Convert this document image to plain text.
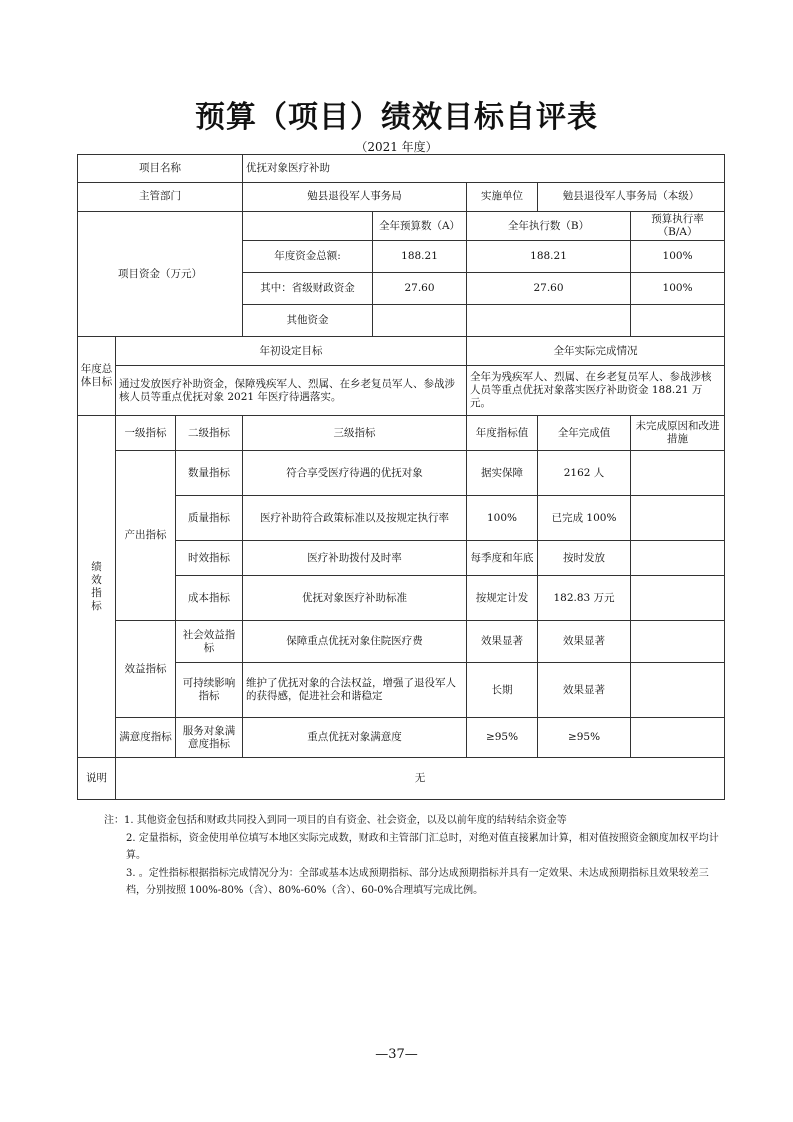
预算（项目）绩效目标自评表
（2021 年度）
项目名称			优抚对象医疗补助				
主管部门			勉县退役军人事务局		实施单位	勉县退役军人事务局（本级）	
项目资金（万元）				全年预算数（A）	全年执行数（B）		预算执行率（B/A）
			年度资金总额:	188.21	188.21		100%
			其中：省级财政资金	27.60	27.60		100%
			其他资金				
年度总体目标	年初设定目标				全年实际完成情况		
	通过发放医疗补助资金，保障残疾军人、烈属、在乡老复员军人、参战涉核人员等重点优抚对象 2021 年医疗待遇落实。				全年为残疾军人、烈属、在乡老复员军人、参战涉核人员等重点优抚对象落实医疗补助资金 188.21 万元。		
绩效指标	一级指标	二级指标	三级指标		年度指标值	全年完成值	未完成原因和改进措施
	产出指标	数量指标	符合享受医疗待遇的优抚对象		据实保障	2162 人	
		质量指标	医疗补助符合政策标准以及按规定执行率		100%	已完成 100%	
		时效指标	医疗补助拨付及时率		每季度和年底	按时发放	
		成本指标	优抚对象医疗补助标准		按规定计发	182.83 万元	
	效益指标	社会效益指标	保障重点优抚对象住院医疗费		效果显著	效果显著	
		可持续影响指标	维护了优抚对象的合法权益，增强了退役军人的获得感，促进社会和谐稳定		长期	效果显著	
	满意度指标	服务对象满意度指标	重点优抚对象满意度		≥95%	≥95%	
说明	无						
注：1. 其他资金包括和财政共同投入到同一项目的自有资金、社会资金，以及以前年度的结转结余资金等
2. 定量指标，资金使用单位填写本地区实际完成数，财政和主管部门汇总时，对绝对值直接累加计算，相对值按照资金额度加权平均计算。
3. 。定性指标根据指标完成情况分为：全部或基本达成预期指标、部分达成预期指标并具有一定效果、未达成预期指标且效果较差三档，分别按照 100%-80%（含）、80%-60%（含）、60-0%合理填写完成比例。
—37—
